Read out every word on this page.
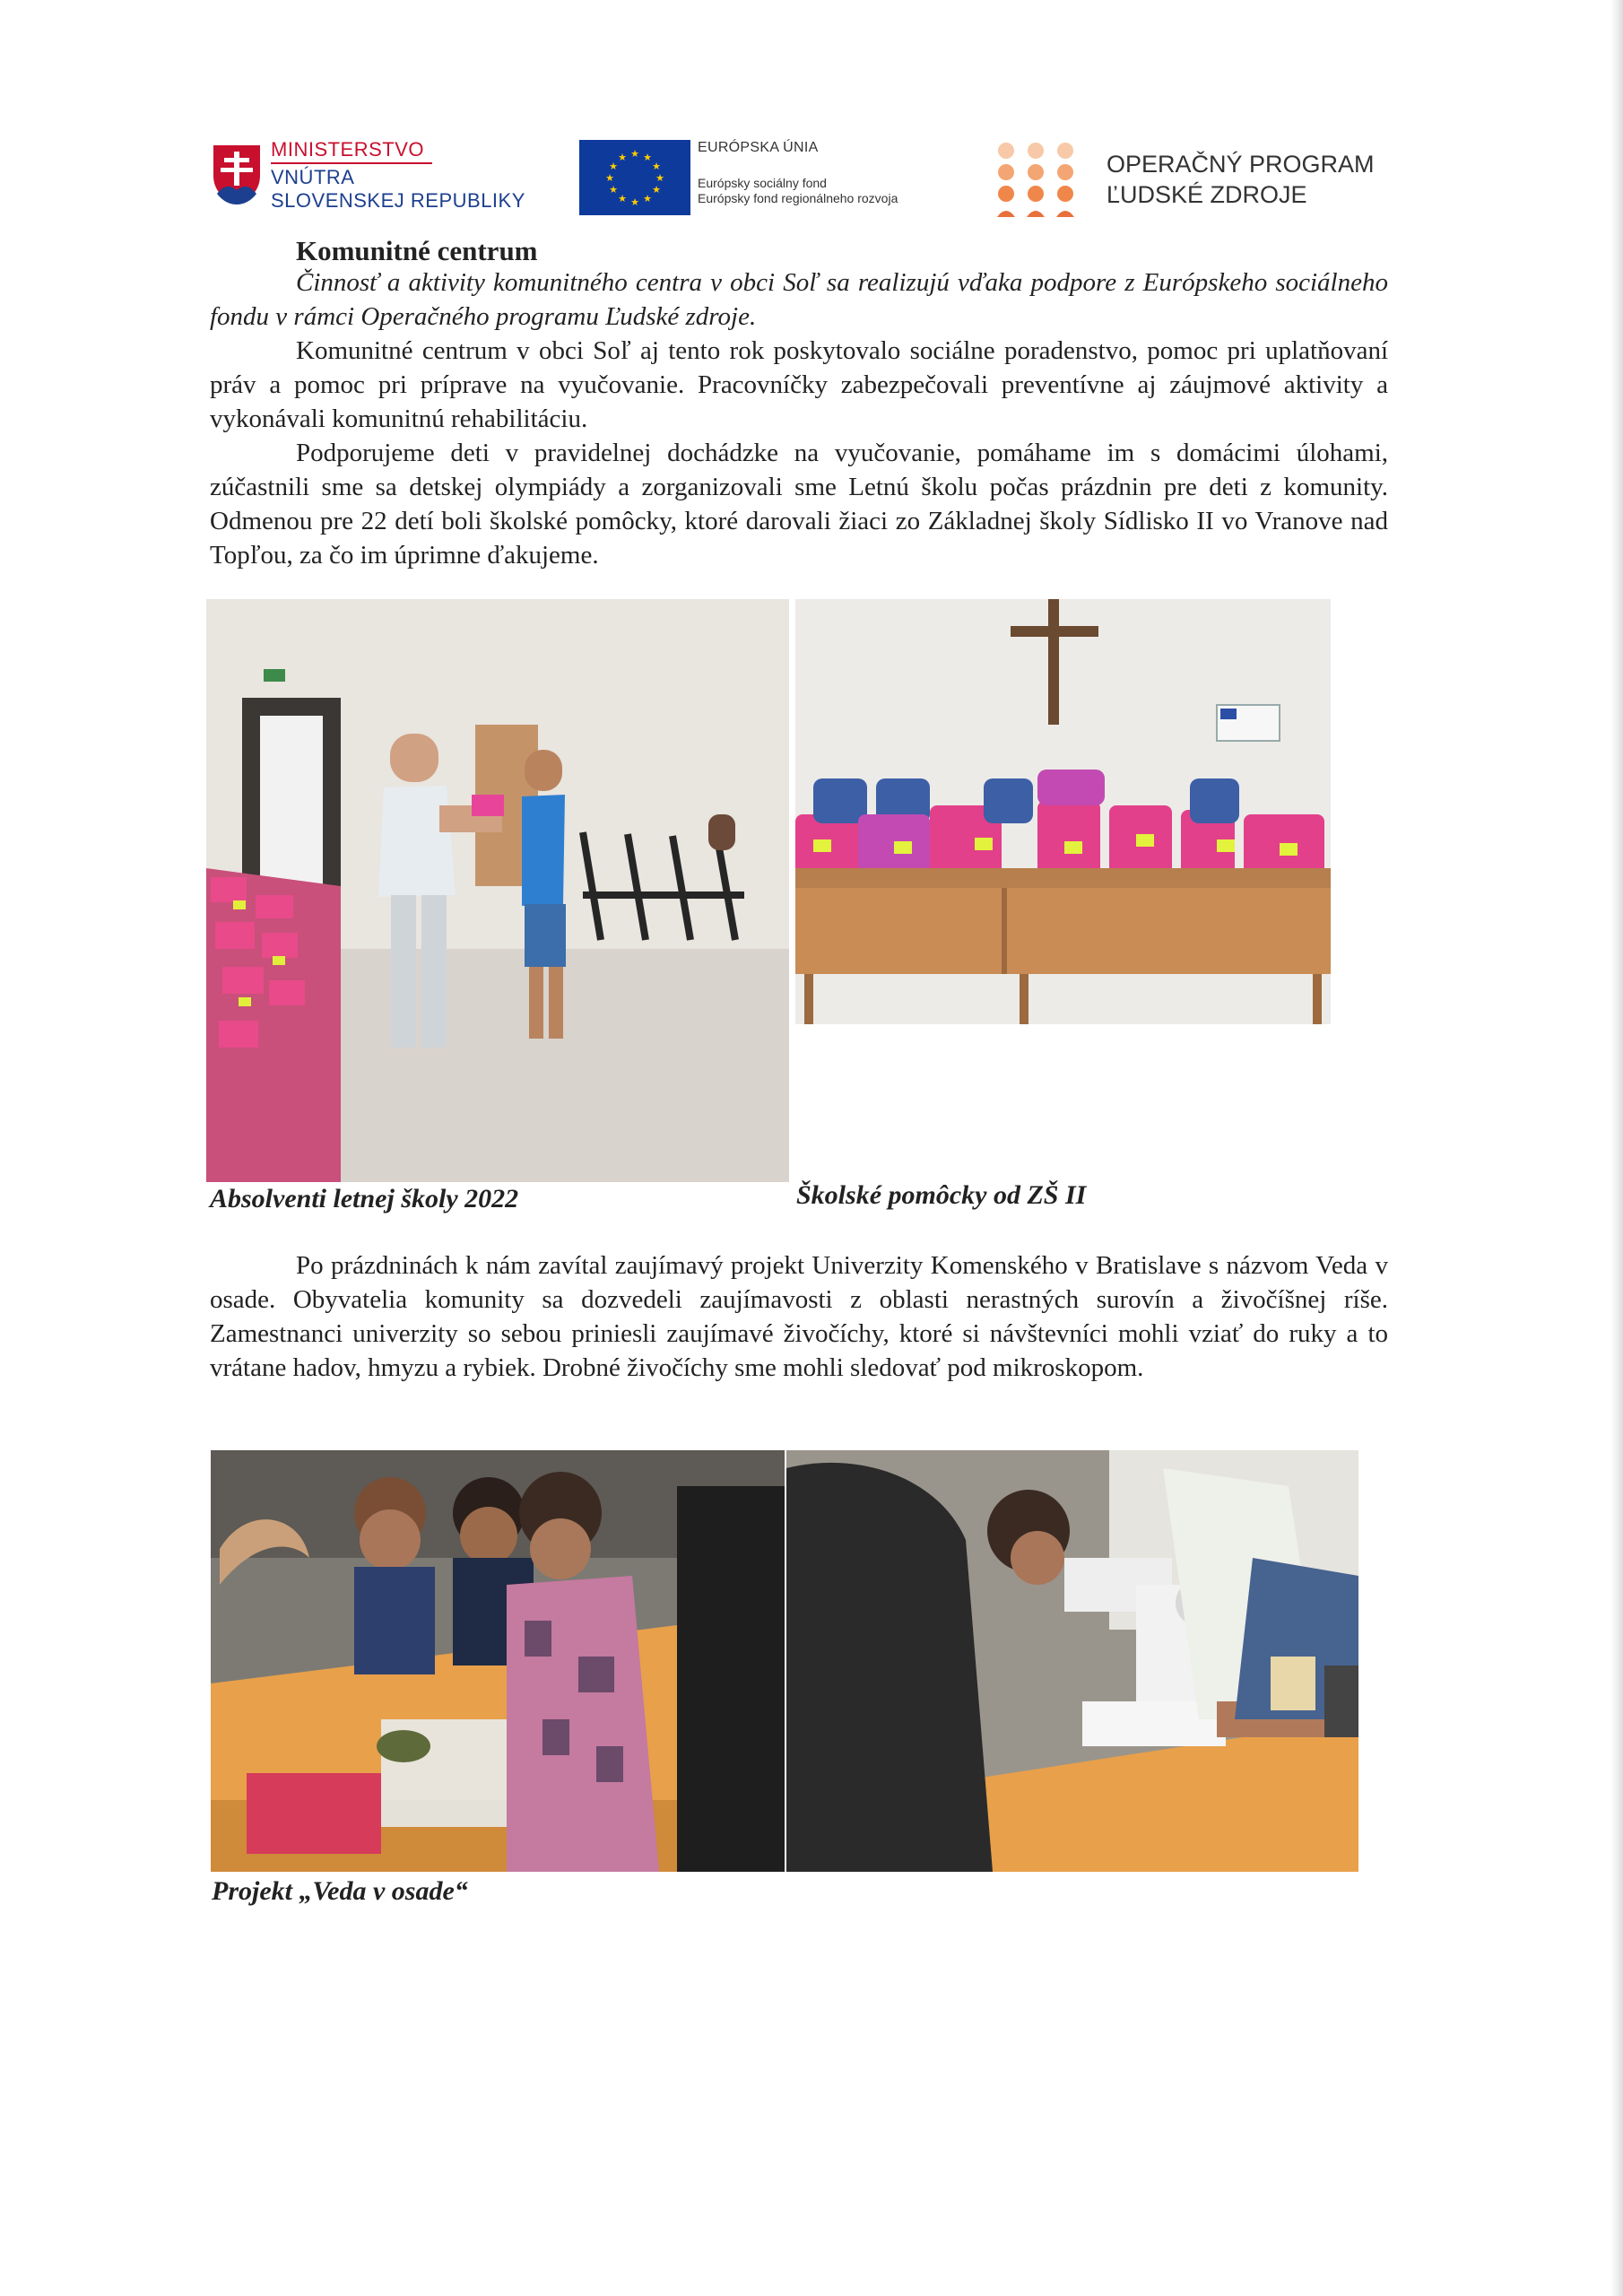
MINISTERSTVO
VNÚTRA
SLOVENSKEJ REPUBLIKY
★ ★
★
★
★
★
★
★
★
★
★
★
EURÓPSKA ÚNIA
Európsky sociálny fond
Európsky fond regionálneho rozvoja
OPERAČNÝ PROGRAM
ĽUDSKÉ ZDROJE
Komunitné centrum
Činnosť a aktivity komunitného centra v obci Soľ sa realizujú vďaka podpore z Európskeho sociálneho fondu v rámci Operačného programu Ľudské zdroje.
Komunitné centrum v obci Soľ aj tento rok poskytovalo sociálne poradenstvo, pomoc pri uplatňovaní práv a pomoc pri príprave na vyučovanie. Pracovníčky zabezpečovali preventívne aj záujmové aktivity a vykonávali komunitnú rehabilitáciu.
Podporujeme deti v pravidelnej dochádzke na vyučovanie, pomáhame im s domácimi úlohami, zúčastnili sme sa detskej olympiády a zorganizovali sme Letnú školu počas prázdnin pre deti z komunity. Odmenou pre 22 detí boli školské pomôcky, ktoré darovali žiaci zo Základnej školy Sídlisko II vo Vranove nad Topľou, za čo im úprimne ďakujeme.
Absolventi letnej školy 2022	Školské pomôcky od ZŠ II
Po prázdninách k nám zavítal zaujímavý projekt Univerzity Komenského v Bratislave s názvom Veda v osade. Obyvatelia komunity sa dozvedeli zaujímavosti z oblasti nerastných surovín a živočíšnej ríše. Zamestnanci univerzity so sebou priniesli zaujímavé živočíchy, ktoré si návštevníci mohli vziať do ruky a to vrátane hadov, hmyzu a rybiek. Drobné živočíchy sme mohli sledovať pod mikroskopom.
Projekt „Veda v osade“
